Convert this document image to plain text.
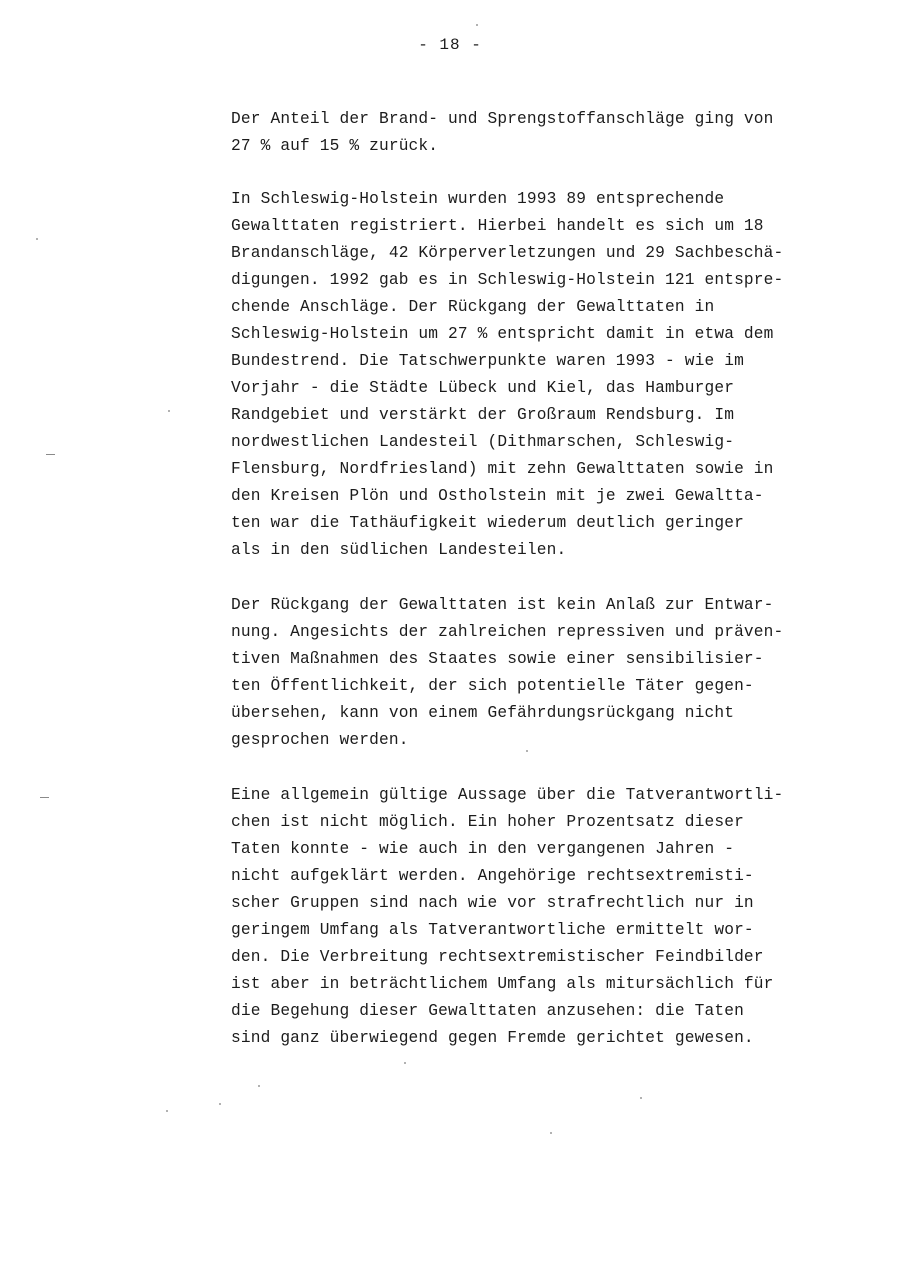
- 18 -
Der Anteil der Brand- und Sprengstoffanschläge ging von
27 % auf 15 % zurück.
In Schleswig-Holstein wurden 1993 89 entsprechende
Gewalttaten registriert. Hierbei handelt es sich um 18
Brandanschläge, 42 Körperverletzungen und 29 Sachbeschä-
digungen. 1992 gab es in Schleswig-Holstein 121 entspre-
chende Anschläge. Der Rückgang der Gewalttaten in
Schleswig-Holstein um 27 % entspricht damit in etwa dem
Bundestrend. Die Tatschwerpunkte waren 1993 - wie im
Vorjahr - die Städte Lübeck und Kiel, das Hamburger
Randgebiet und verstärkt der Großraum Rendsburg. Im
nordwestlichen Landesteil (Dithmarschen, Schleswig-
Flensburg, Nordfriesland) mit zehn Gewalttaten sowie in
den Kreisen Plön und Ostholstein mit je zwei Gewaltta-
ten war die Tathäufigkeit wiederum deutlich geringer
als in den südlichen Landesteilen.
Der Rückgang der Gewalttaten ist kein Anlaß zur Entwar-
nung. Angesichts der zahlreichen repressiven und präven-
tiven Maßnahmen des Staates sowie einer sensibilisier-
ten Öffentlichkeit, der sich potentielle Täter gegen-
übersehen, kann von einem Gefährdungsrückgang nicht
gesprochen werden.
Eine allgemein gültige Aussage über die Tatverantwortli-
chen ist nicht möglich. Ein hoher Prozentsatz dieser
Taten konnte - wie auch in den vergangenen Jahren -
nicht aufgeklärt werden. Angehörige rechtsextremisti-
scher Gruppen sind nach wie vor strafrechtlich nur in
geringem Umfang als Tatverantwortliche ermittelt wor-
den. Die Verbreitung rechtsextremistischer Feindbilder
ist aber in beträchtlichem Umfang als mitursächlich für
die Begehung dieser Gewalttaten anzusehen: die Taten
sind ganz überwiegend gegen Fremde gerichtet gewesen.
